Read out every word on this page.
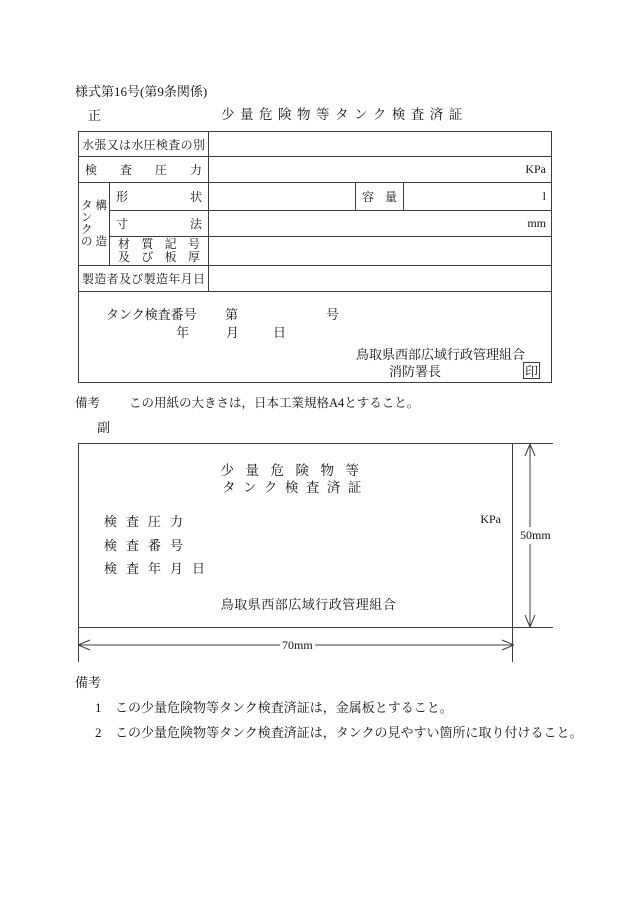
様式第16号(第9条関係)
正	少量危険物等タンク検査済証
水 張 又 は 水 圧 検 査 の 別

検 査 圧 力		KPa		

タ
ン
ク
の
構
造

形	状		容 量	l

	寸 法	mm		

材 質 記 号
及 び 板 厚

製 造 者 及 び 製 造 年 月 日

タンク検査番号 第	号
年	月	日
鳥取県西部広域行政管理組合
消防署長	印
備考 この用紙の大きさは，日本工業規格A4とすること。
副
少量危険物等
タンク検査済証
検査圧力	KPa
検査番号
検査年月日
鳥取県西部広域行政管理組合
50mm
70mm
備考
1	この少量危険物等タンク検査済証は，金属板とすること。
2	この少量危険物等タンク検査済証は，タンクの見やすい箇所に取り付けること。
